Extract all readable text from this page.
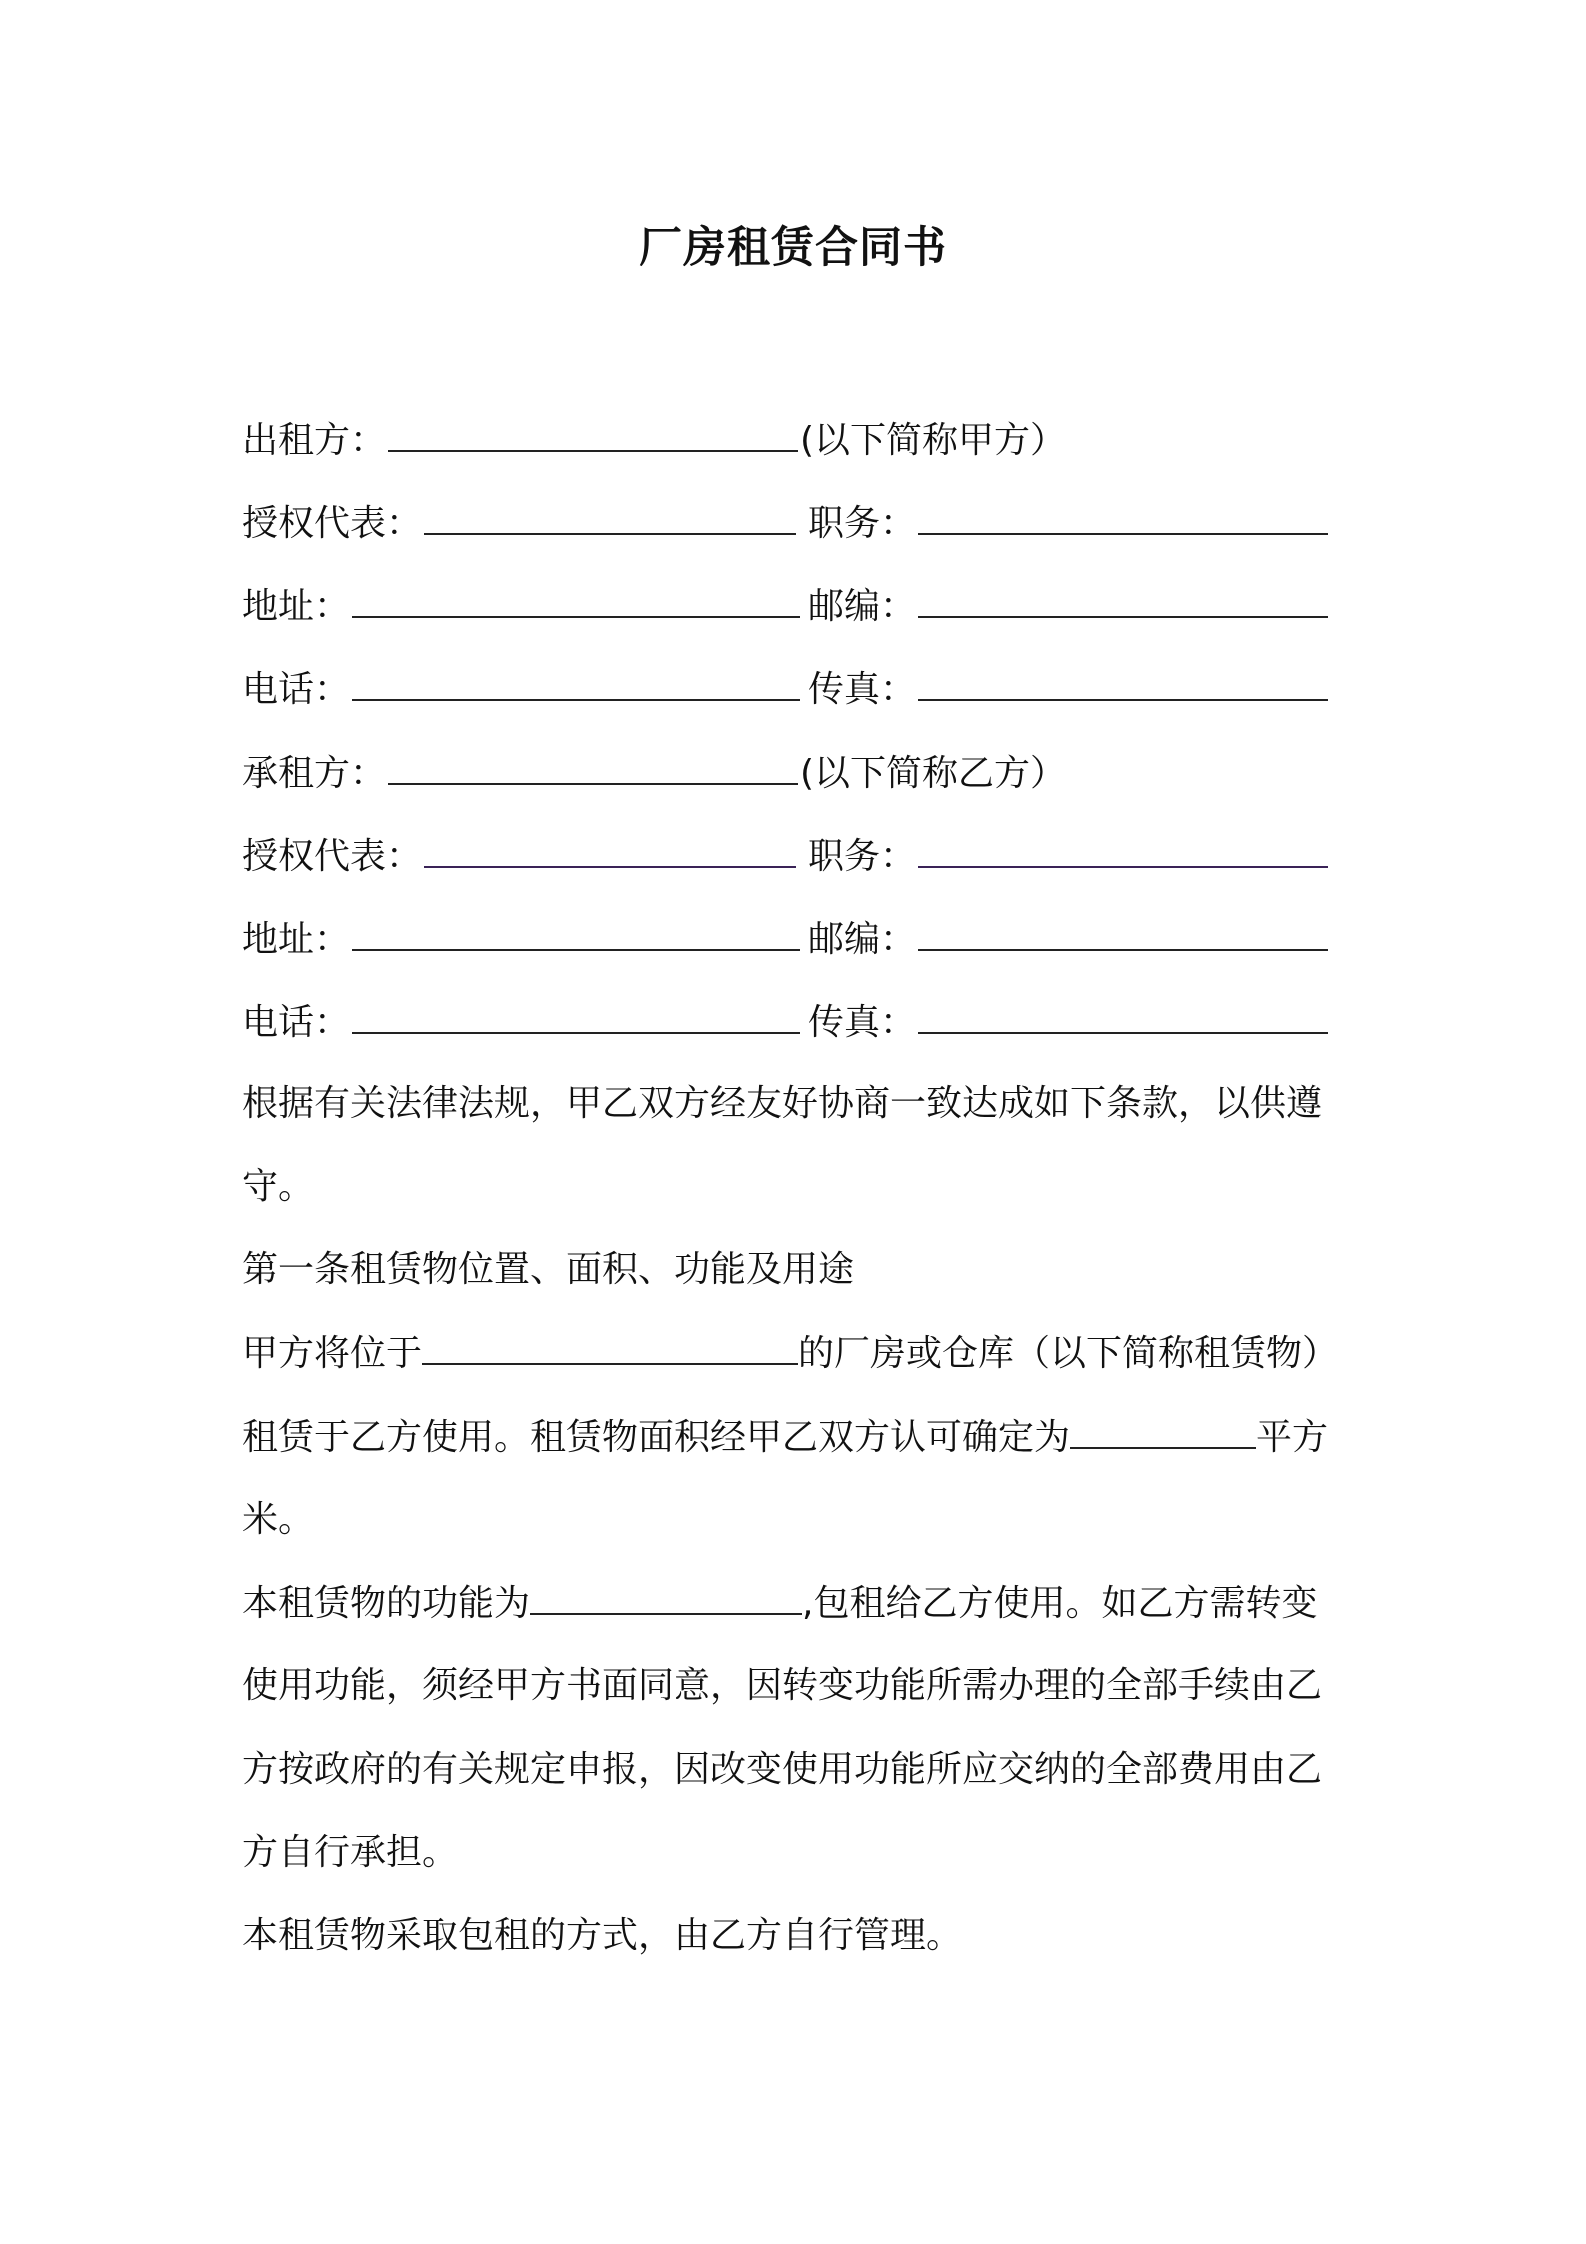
厂房租赁合同书
出租方：	(以下简称甲方）
授权代表：	职务：
地址：	邮编：
电话：	传真：
承租方：	(以下简称乙方）
授权代表：	职务：
地址：	邮编：
电话：	传真：
根据有关法律法规，甲乙双方经友好协商一致达成如下条款，以供遵
守。
第一条租赁物位置、面积、功能及用途
甲方将位于	的厂房或仓库（以下简称租赁物）
租赁于乙方使用。租赁物面积经甲乙双方认可确定为	平方
米。
本租赁物的功能为	,包租给乙方使用。如乙方需转变
使用功能，须经甲方书面同意，因转变功能所需办理的全部手续由乙
方按政府的有关规定申报，因改变使用功能所应交纳的全部费用由乙
方自行承担。
本租赁物采取包租的方式，由乙方自行管理。
